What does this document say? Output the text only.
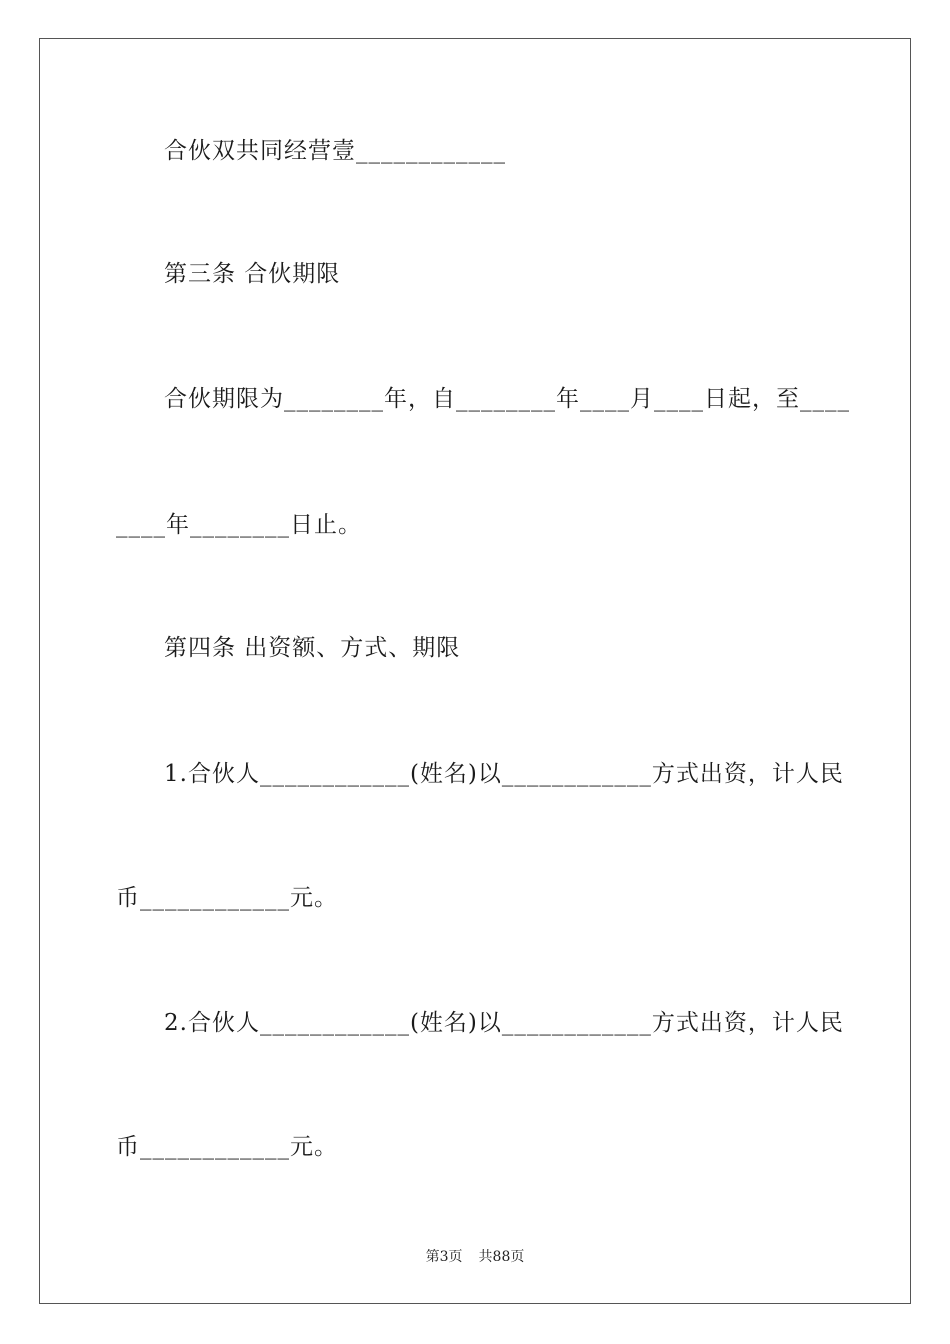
合伙双共同经营壹____________
第三条 合伙期限
合伙期限为________年，自________年____月____日起，至____
____年________日止。
第四条 出资额、方式、期限
1.合伙人____________(姓名)以____________方式出资，计人民
币____________元。
2.合伙人____________(姓名)以____________方式出资，计人民
币____________元。
第3页 共88页
